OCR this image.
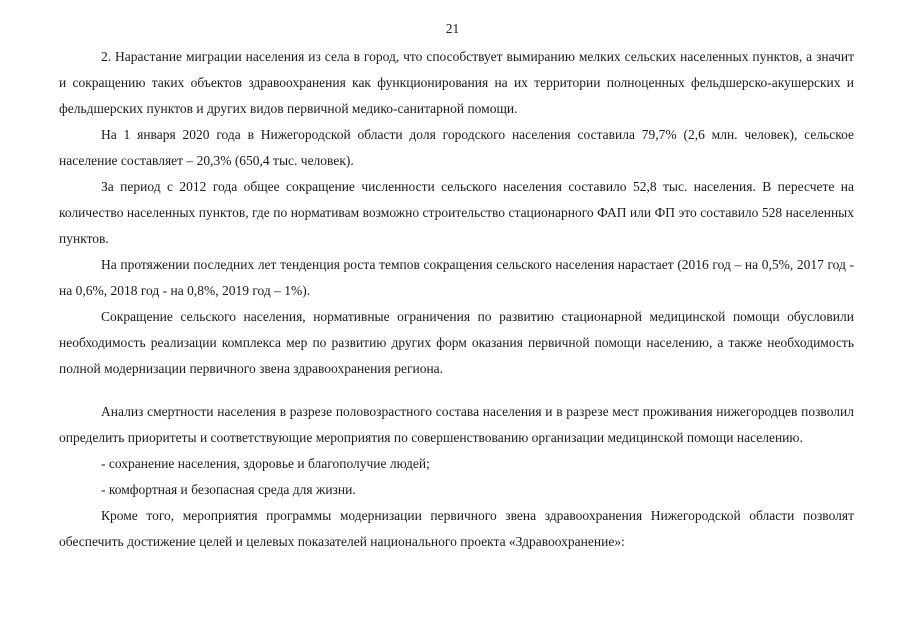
21

2. Нарастание миграции населения из села в город, что способствует вымиранию мелких сельских населенных пунктов, а значит и сокращению таких объектов здравоохранения как функционирования на их территории полноценных фельдшерско-акушерских и фельдшерских пунктов и других видов первичной медико-санитарной помощи.

На 1 января 2020 года в Нижегородской области доля городского населения составила 79,7% (2,6 млн. человек), сельское население составляет – 20,3% (650,4 тыс. человек).

За период с 2012 года общее сокращение численности сельского населения составило 52,8 тыс. населения. В пересчете на количество населенных пунктов, где по нормативам возможно строительство стационарного ФАП или ФП это составило 528 населенных пунктов.

На протяжении последних лет тенденция роста темпов сокращения сельского населения нарастает (2016 год – на 0,5%, 2017 год - на 0,6%, 2018 год - на 0,8%, 2019 год – 1%).

Сокращение сельского населения, нормативные ограничения по развитию стационарной медицинской помощи обусловили необходимость реализации комплекса мер по развитию других форм оказания первичной помощи населению, а также необходимость полной модернизации первичного звена здравоохранения региона.

Анализ смертности населения в разрезе половозрастного состава населения и в разрезе мест проживания нижегородцев позволил определить приоритеты и соответствующие мероприятия по совершенствованию организации медицинской помощи населению.

- сохранение населения, здоровье и благополучие людей;

- комфортная и безопасная среда для жизни.

Кроме того, мероприятия программы модернизации первичного звена здравоохранения Нижегородской области позволят обеспечить достижение целей и целевых показателей национального проекта «Здравоохранение»:
